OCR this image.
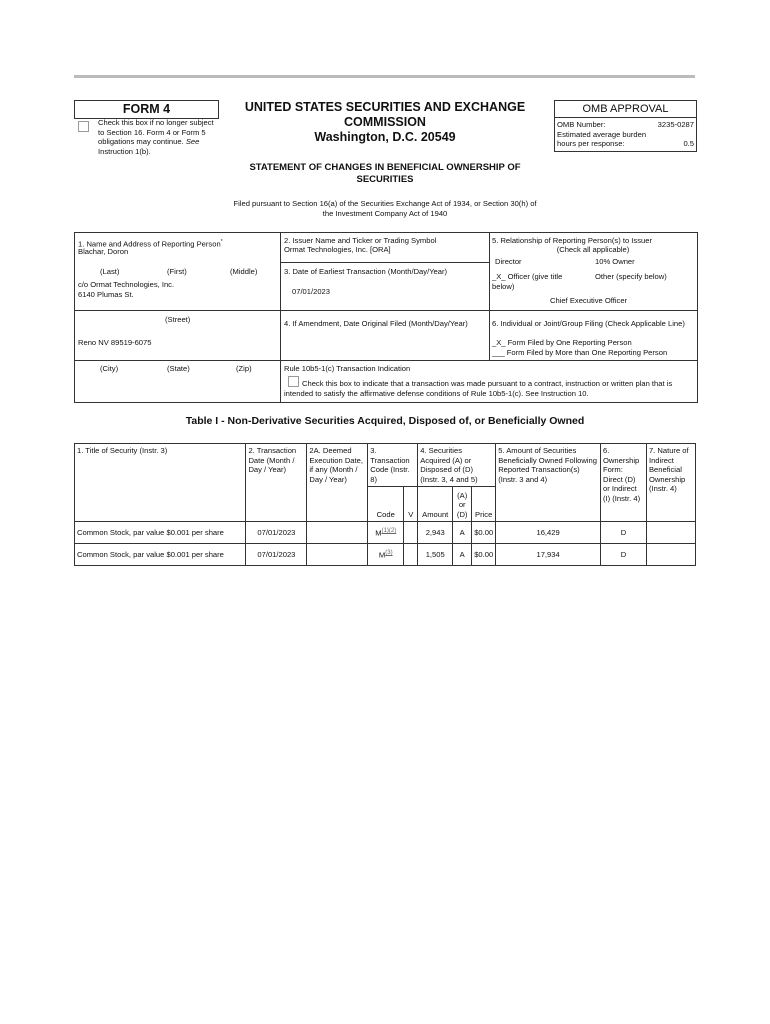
FORM 4
Check this box if no longer subject to Section 16. Form 4 or Form 5 obligations may continue. See Instruction 1(b).
UNITED STATES SECURITIES AND EXCHANGE
COMMISSION
Washington, D.C. 20549
OMB APPROVAL
OMB Number:	3235-0287
Estimated average burden
hours per response:	0.5
STATEMENT OF CHANGES IN BENEFICIAL OWNERSHIP OF
SECURITIES
Filed pursuant to Section 16(a) of the Securities Exchange Act of 1934, or Section 30(h) of
the Investment Company Act of 1940
1. Name and Address of Reporting Person*
Blachar, Doron
(Last)	(First)	(Middle)
c/o Ormat Technologies, Inc.
6140 Plumas St.
(Street)
Reno NV 89519-6075
(City)	(State)	(Zip)
2. Issuer Name and Ticker or Trading Symbol
Ormat Technologies, Inc. [ORA]
3. Date of Earliest Transaction (Month/Day/Year)
07/01/2023
4. If Amendment, Date Original Filed (Month/Day/Year)
5. Relationship of Reporting Person(s) to Issuer
(Check all applicable)
Director	10% Owner
_X_ Officer (give title below)
Other (specify below)
Chief Executive Officer
6. Individual or Joint/Group Filing (Check Applicable Line)
_X_ Form Filed by One Reporting Person
___ Form Filed by More than One Reporting Person
Rule 10b5-1(c) Transaction Indication
Check this box to indicate that a transaction was made pursuant to a contract, instruction or written plan that is intended to satisfy the affirmative defense conditions of Rule 10b5-1(c). See Instruction 10.
Table I - Non-Derivative Securities Acquired, Disposed of, or Beneficially Owned
1. Title of Security (Instr. 3)	2. Transaction Date (Month / Day / Year)	2A. Deemed Execution Date, if any (Month / Day / Year)	3. Transaction Code (Instr. 8)		4. Securities Acquired (A) or Disposed of (D) (Instr. 3, 4 and 5)			5. Amount of Securities Beneficially Owned Following Reported Transaction(s) (Instr. 3 and 4)	6. Ownership Form: Direct (D) or Indirect (I) (Instr. 4)	7. Nature of Indirect Beneficial Ownership (Instr. 4)
			Code	V	Amount	(A) or (D)	Price			
Common Stock, par value $0.001 per share	07/01/2023		M$^{(1)(2)}$		2,943	A	$0.00	16,429	D	
Common Stock, par value $0.001 per share	07/01/2023		M$^{(3)}$		1,505	A	$0.00	17,934	D	
